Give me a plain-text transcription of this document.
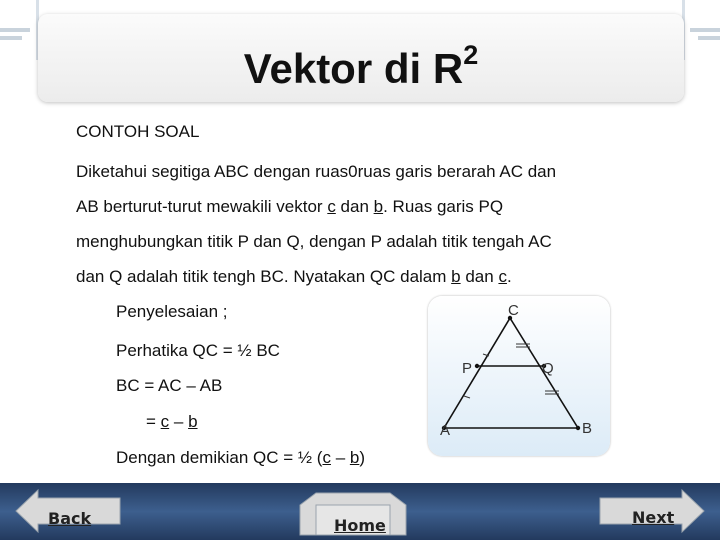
Vektor di $R^2$
CONTOH SOAL

Diketahui segitiga ABC dengan ruas0ruas garis berarah AC dan

AB berturut-turut mewakili vektor c dan b. Ruas garis PQ

menghubungkan titik P dan Q, dengan P adalah titik tengah AC

dan Q adalah titik tengh BC. Nyatakan QC dalam b dan c.

Penyelesaian ;
Perhatika QC = ½ BC
BC = AC – AB
= c – b
Dengan demikian QC = ½ (c – b)
C
P	Q
A	B
Back	Home	Next
